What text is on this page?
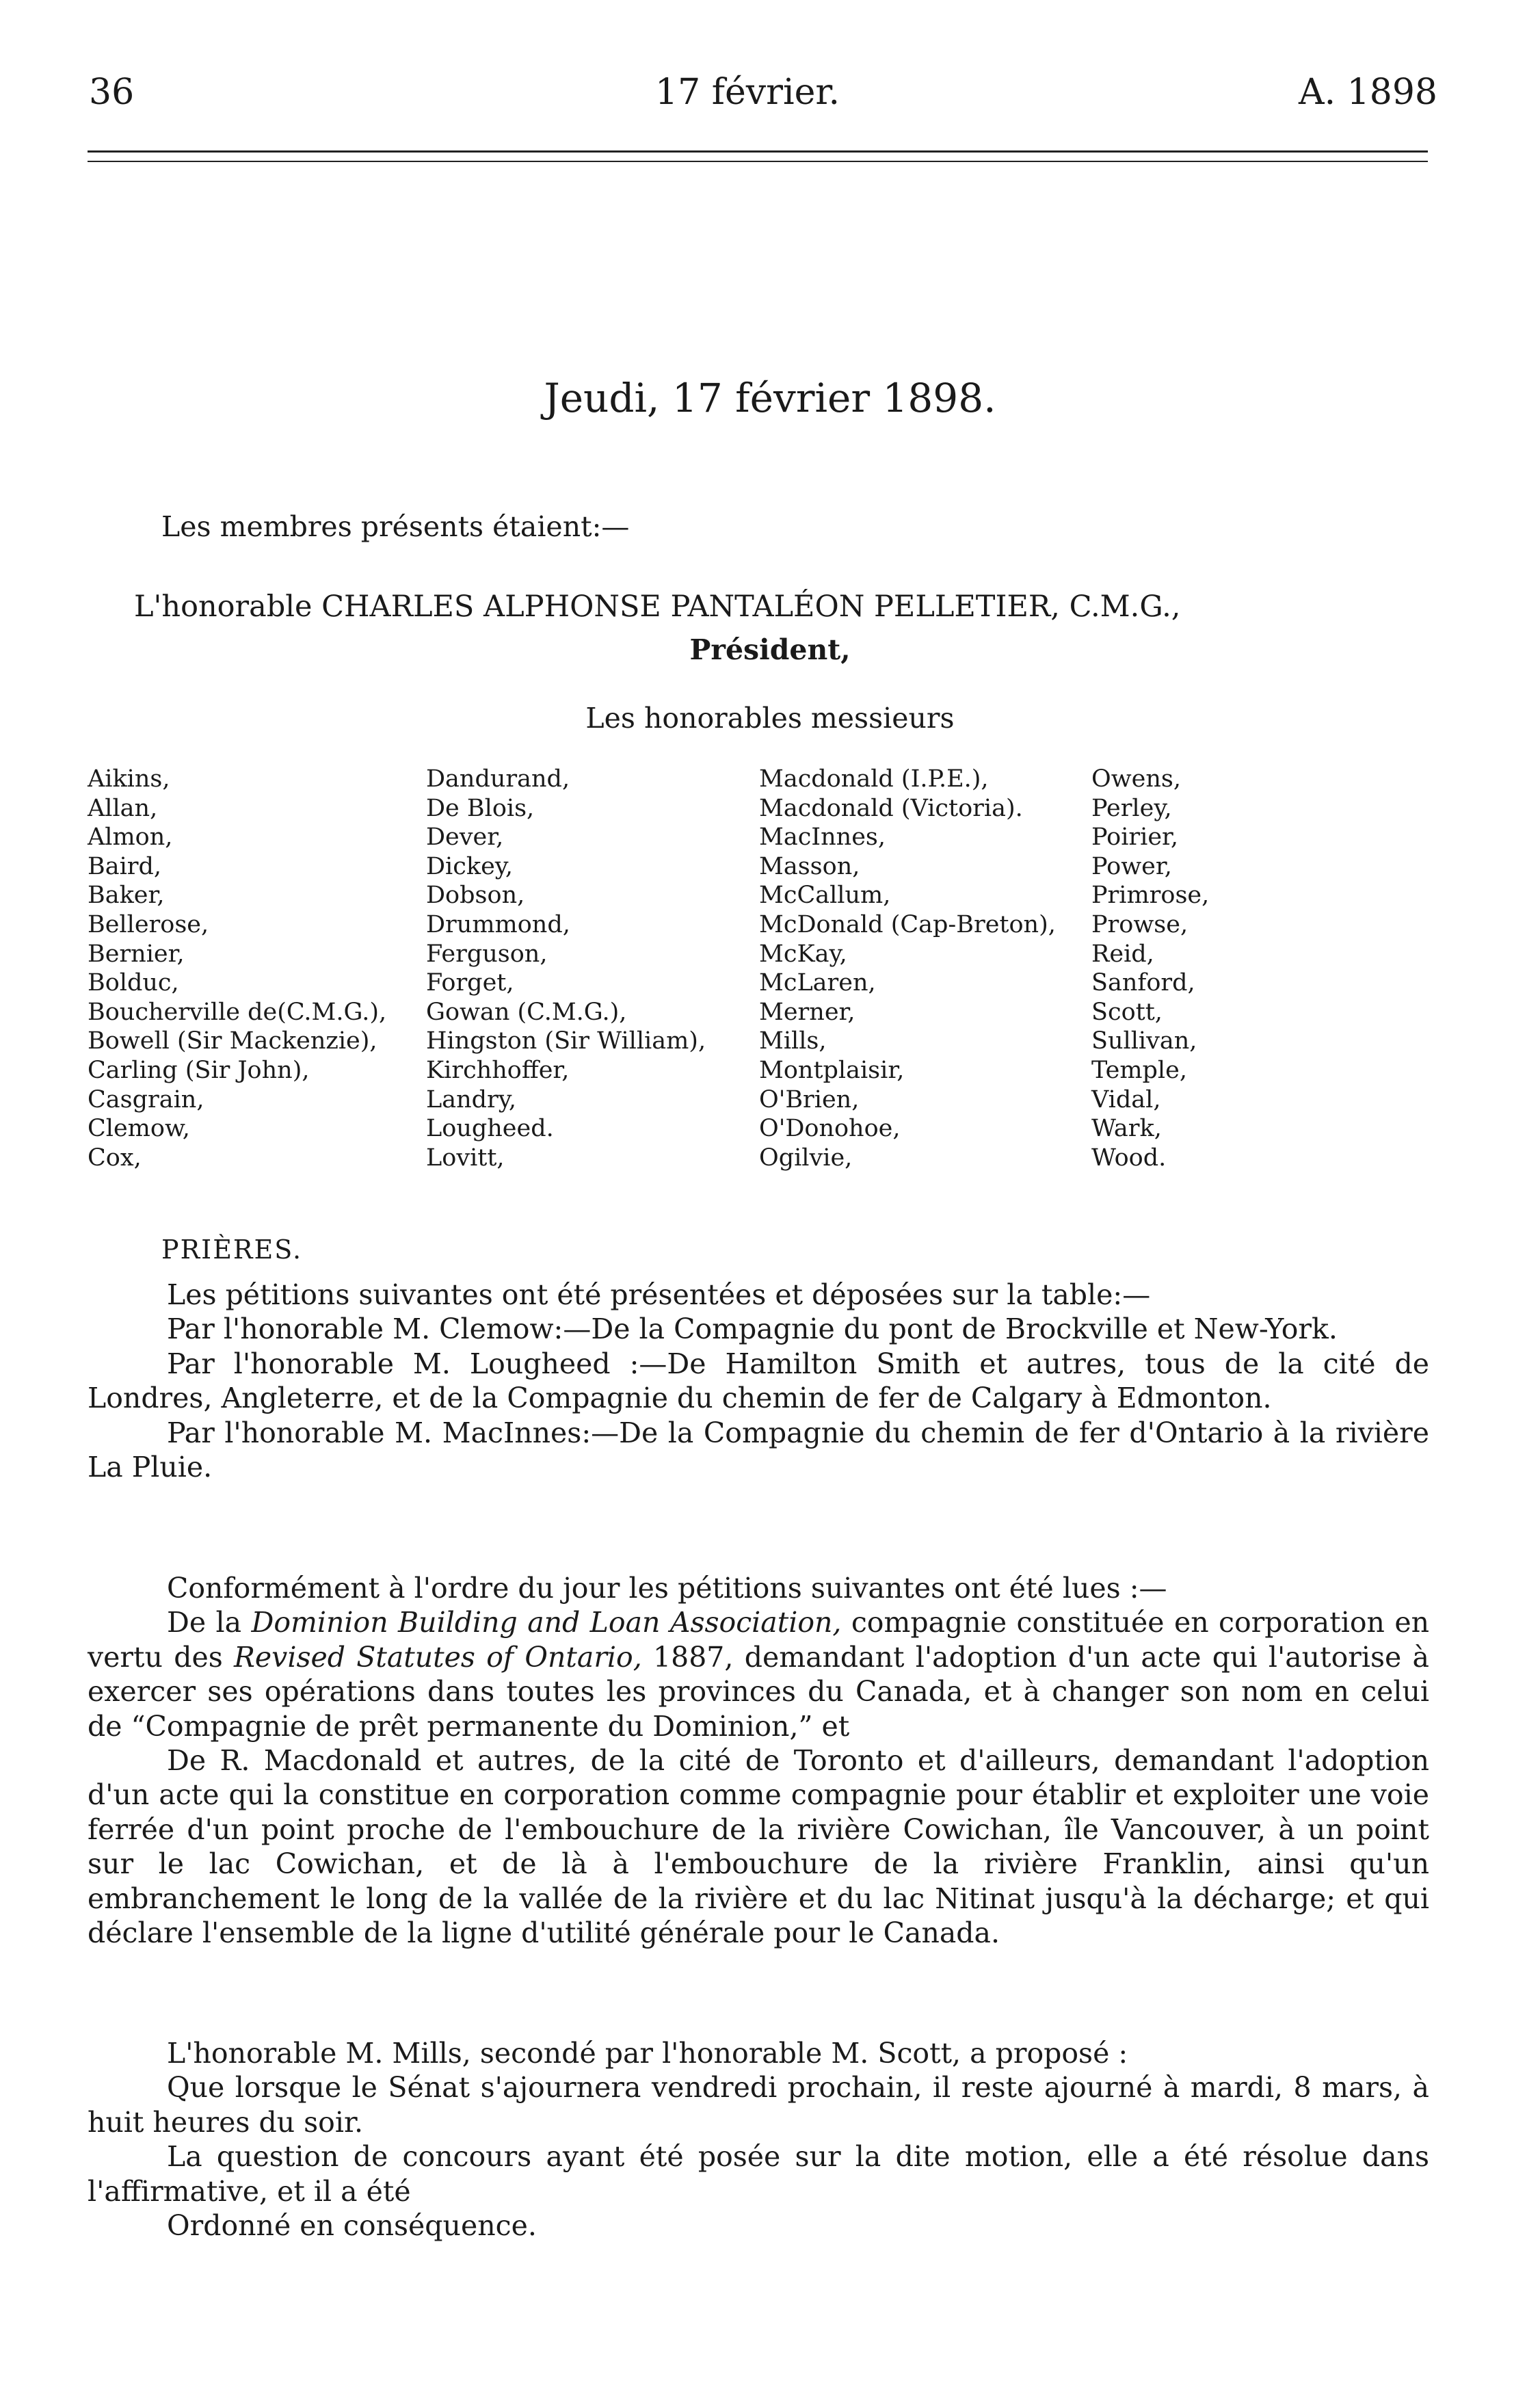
36	17 février.	A. 1898
Jeudi, 17 février 1898.
Les membres présents étaient:—
L'honorable CHARLES ALPHONSE PANTALÉON PELLETIER, C.M.G.,
Président,
Les honorables messieurs
Aikins,
Allan,
Almon,
Baird,
Baker,
Bellerose,
Bernier,
Bolduc,
Boucherville de(C.M.G.),
Bowell (Sir Mackenzie),
Carling (Sir John),
Casgrain,
Clemow,
Cox,
Dandurand,
De Blois,
Dever,
Dickey,
Dobson,
Drummond,
Ferguson,
Forget,
Gowan (C.M.G.),
Hingston (Sir William),
Kirchhoffer,
Landry,
Lougheed.
Lovitt,
Macdonald (I.P.E.),
Macdonald (Victoria).
MacInnes,
Masson,
McCallum,
McDonald (Cap-Breton),
McKay,
McLaren,
Merner,
Mills,
Montplaisir,
O'Brien,
O'Donohoe,
Ogilvie,
Owens,
Perley,
Poirier,
Power,
Primrose,
Prowse,
Reid,
Sanford,
Scott,
Sullivan,
Temple,
Vidal,
Wark,
Wood.
PRIÈRES.

Les pétitions suivantes ont été présentées et déposées sur la table:—

Par l'honorable M. Clemow:—De la Compagnie du pont de Brockville et New-York.

Par l'honorable M. Lougheed :—De Hamilton Smith et autres, tous de la cité de Londres, Angleterre, et de la Compagnie du chemin de fer de Calgary à Edmonton.

Par l'honorable M. MacInnes:—De la Compagnie du chemin de fer d'Ontario à la rivière La Pluie.

Conformément à l'ordre du jour les pétitions suivantes ont été lues :—

De la Dominion Building and Loan Association, compagnie constituée en corporation en vertu des Revised Statutes of Ontario, 1887, demandant l'adoption d'un acte qui l'autorise à exercer ses opérations dans toutes les provinces du Canada, et à changer son nom en celui de “Compagnie de prêt permanente du Dominion,” et

De R. Macdonald et autres, de la cité de Toronto et d'ailleurs, demandant l'adoption d'un acte qui la constitue en corporation comme compagnie pour établir et exploiter une voie ferrée d'un point proche de l'embouchure de la rivière Cowichan, île Vancouver, à un point sur le lac Cowichan, et de là à l'embouchure de la rivière Franklin, ainsi qu'un embranchement le long de la vallée de la rivière et du lac Nitinat jusqu'à la décharge; et qui déclare l'ensemble de la ligne d'utilité générale pour le Canada.

L'honorable M. Mills, secondé par l'honorable M. Scott, a proposé :

Que lorsque le Sénat s'ajournera vendredi prochain, il reste ajourné à mardi, 8 mars, à huit heures du soir.

La question de concours ayant été posée sur la dite motion, elle a été résolue dans l'affirmative, et il a été

Ordonné en conséquence.
